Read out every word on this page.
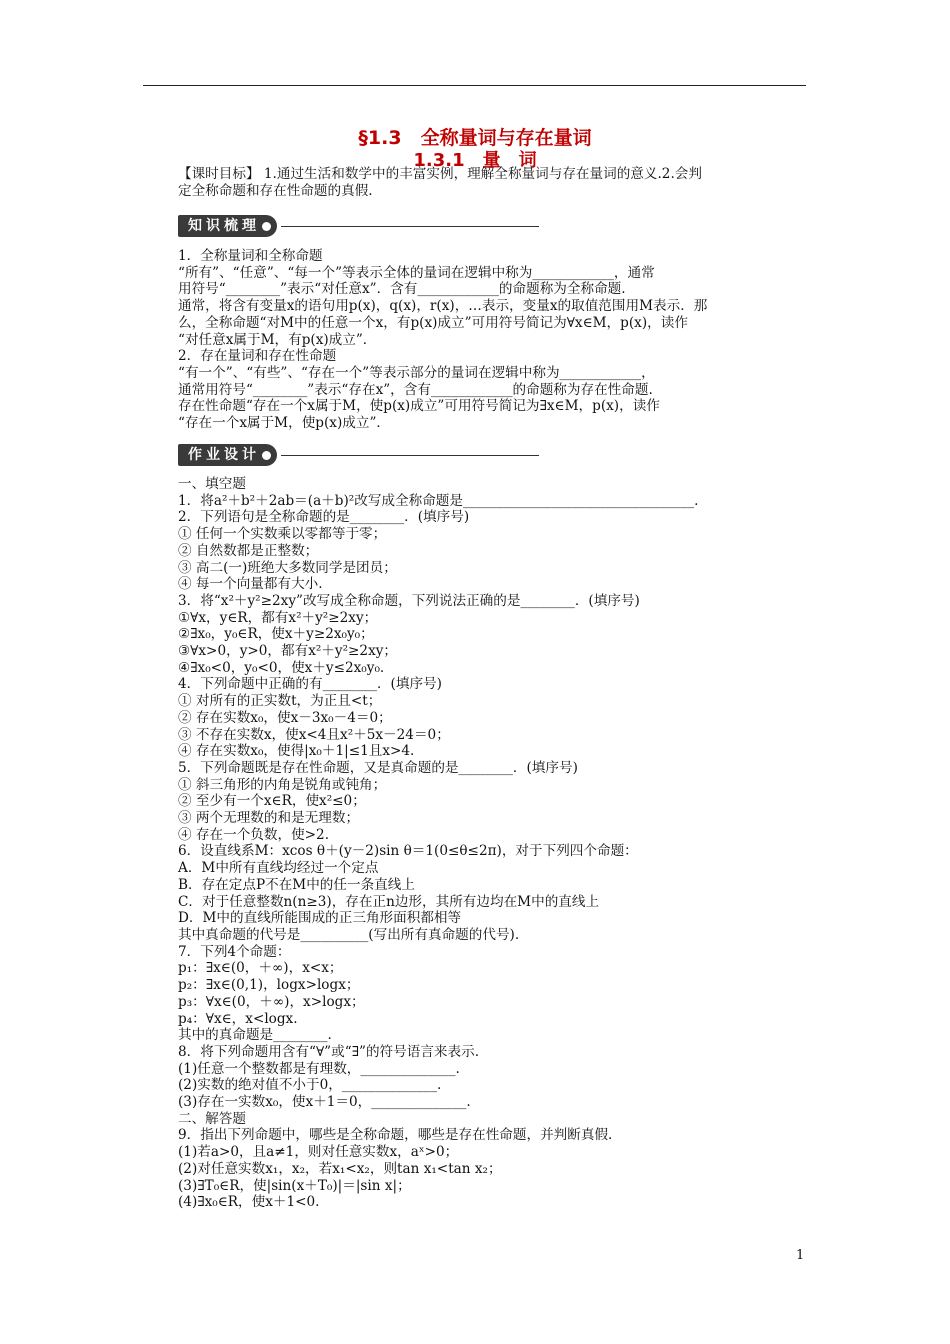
§1.3　全称量词与存在量词
1.3.1　量　词

【课时目标】 1.通过生活和数学中的丰富实例，理解全称量词与存在量词的意义.2.会判

定全称命题和存在性命题的真假.

知识梳理

1．全称量词和全称命题

“所有”、“任意”、“每一个”等表示全体的量词在逻辑中称为____________，通常

用符号“________”表示“对任意x”．含有____________的命题称为全称命题.

通常，将含有变量x的语句用p(x)，q(x)，r(x)，…表示，变量x的取值范围用M表示．那

么，全称命题“对M中的任意一个x，有p(x)成立”可用符号简记为∀x∈M，p(x)，读作

“对任意x属于M，有p(x)成立”．

2．存在量词和存在性命题

“有一个”、“有些”、“存在一个”等表示部分的量词在逻辑中称为____________，

通常用符号“________”表示“存在x”，含有____________的命题称为存在性命题.

存在性命题“存在一个x属于M，使p(x)成立”可用符号简记为∃x∈M，p(x)，读作

“存在一个x属于M，使p(x)成立”．

作业设计

一、填空题

1．将a²＋b²＋2ab＝(a＋b)²改写成全称命题是__________________________________.

2．下列语句是全称命题的是________．(填序号)

① 任何一个实数乘以零都等于零；

② 自然数都是正整数；

③ 高二(一)班绝大多数同学是团员；

④ 每一个向量都有大小.

3．将“x²＋y²≥2xy”改写成全称命题，下列说法正确的是________．(填序号)

①∀x，y∈R，都有x²＋y²≥2xy；

②∃x₀，y₀∈R，使x＋y≥2x₀y₀；

③∀x>0，y>0，都有x²＋y²≥2xy；

④∃x₀<0，y₀<0，使x＋y≤2x₀y₀.

4．下列命题中正确的有________．(填序号)

① 对所有的正实数t，为正且<t；

② 存在实数x₀，使x－3x₀－4＝0；

③ 不存在实数x，使x<4且x²＋5x－24＝0；

④ 存在实数x₀，使得|x₀＋1|≤1且x>4.

5．下列命题既是存在性命题，又是真命题的是________．(填序号)

① 斜三角形的内角是锐角或钝角；

② 至少有一个x∈R，使x²≤0；

③ 两个无理数的和是无理数；

④ 存在一个负数，使>2.

6．设直线系M：xcos θ＋(y－2)sin θ＝1(0≤θ≤2π)，对于下列四个命题：

A．M中所有直线均经过一个定点

B．存在定点P不在M中的任一条直线上

C．对于任意整数n(n≥3)，存在正n边形，其所有边均在M中的直线上

D．M中的直线所能围成的正三角形面积都相等

其中真命题的代号是__________(写出所有真命题的代号).

7．下列4个命题：

p₁：∃x∈(0，＋∞)，x<x；

p₂：∃x∈(0,1)，logx>logx；

p₃：∀x∈(0，＋∞)，x>logx；

p₄：∀x∈，x<logx.

其中的真命题是________.

8．将下列命题用含有“∀”或“∃”的符号语言来表示.

(1)任意一个整数都是有理数，______________.

(2)实数的绝对值不小于0，______________.

(3)存在一实数x₀，使x＋1＝0，______________.

二、解答题

9．指出下列命题中，哪些是全称命题，哪些是存在性命题，并判断真假.

(1)若a>0，且a≠1，则对任意实数x，aˣ>0；

(2)对任意实数x₁，x₂，若x₁<x₂，则tan x₁<tan x₂；

(3)∃T₀∈R，使|sin(x＋T₀)|＝|sin x|；

(4)∃x₀∈R，使x＋1<0.

1
